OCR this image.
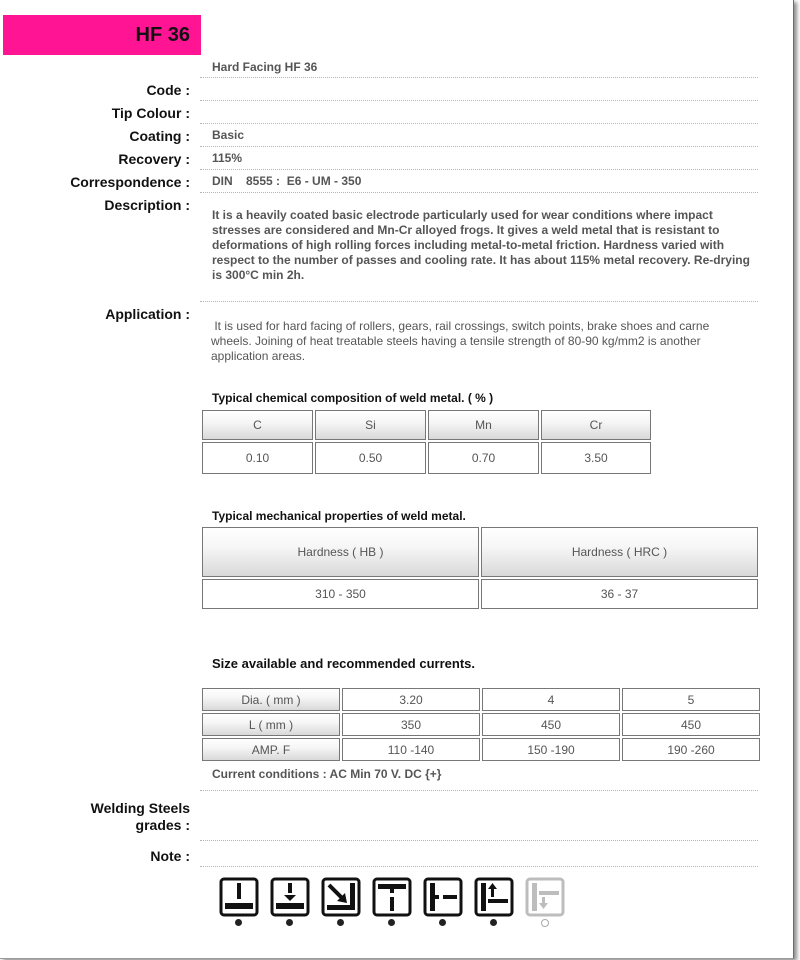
HF 36
Hard Facing HF 36
Code :
Tip Colour :
Coating : Basic
Recovery : 115%
Correspondence : DIN    8555 :  E6 - UM - 350
Description :
It is a heavily coated basic electrode particularly used for wear conditions where impact stresses are considered and Mn-Cr alloyed frogs. It gives a weld metal that is resistant to deformations of high rolling forces including metal-to-metal friction. Hardness varied with respect to the number of passes and cooling rate. It has about 115% metal recovery. Re-drying is 300°C min 2h.
Application :
It is used for hard facing of rollers, gears, rail crossings, switch points, brake shoes and carne wheels. Joining of heat treatable steels having a tensile strength of 80-90 kg/mm2 is another application areas.
Typical chemical composition of weld metal. ( % )
C	Si	Mn	Cr
0.10	0.50	0.70	3.50
Typical mechanical properties of weld metal.
Hardness ( HB )	Hardness ( HRC )
310 - 350	36 - 37
Size available and recommended currents.
Dia. ( mm )	3.20	4	5
L ( mm )	350	450	450
AMP. F	110 -140	150 -190	190 -260
Current conditions : AC Min 70 V. DC {+}
Welding Steels
grades :
Note :
